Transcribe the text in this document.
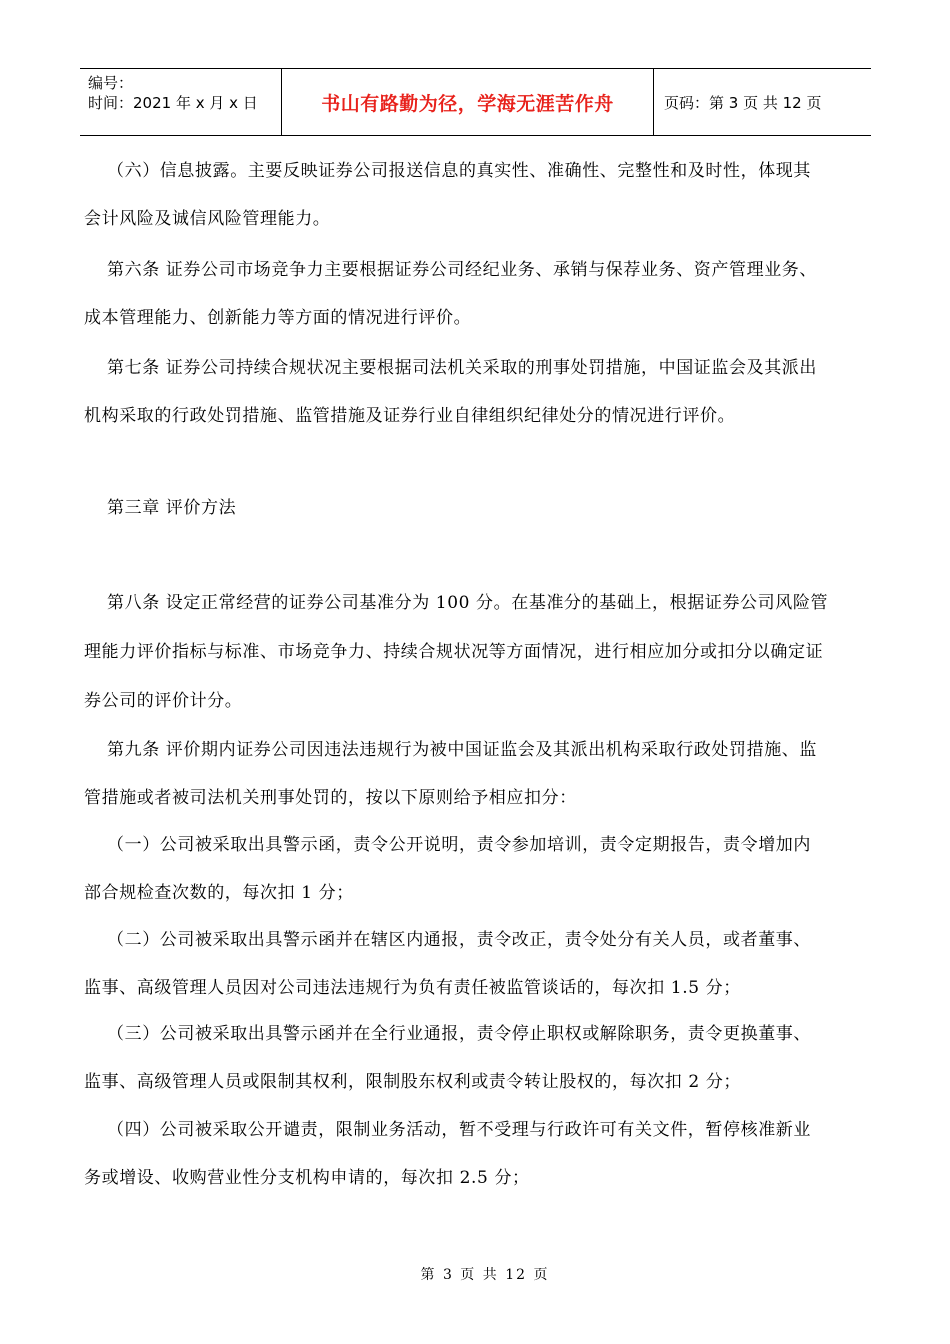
编号：
时间：2021 年 x 月 x 日	书山有路勤为径，学海无涯苦作舟	页码：第 3 页 共 12 页
（六）信息披露。主要反映证券公司报送信息的真实性、准确性、完整性和及时性，体现其
会计风险及诚信风险管理能力。
第六条 证券公司市场竞争力主要根据证券公司经纪业务、承销与保荐业务、资产管理业务、
成本管理能力、创新能力等方面的情况进行评价。
第七条 证券公司持续合规状况主要根据司法机关采取的刑事处罚措施，中国证监会及其派出
机构采取的行政处罚措施、监管措施及证券行业自律组织纪律处分的情况进行评价。
第三章 评价方法
第八条 设定正常经营的证券公司基准分为 100 分。在基准分的基础上，根据证券公司风险管
理能力评价指标与标准、市场竞争力、持续合规状况等方面情况，进行相应加分或扣分以确定证
券公司的评价计分。
第九条 评价期内证券公司因违法违规行为被中国证监会及其派出机构采取行政处罚措施、监
管措施或者被司法机关刑事处罚的，按以下原则给予相应扣分：
（一）公司被采取出具警示函，责令公开说明，责令参加培训，责令定期报告，责令增加内
部合规检查次数的，每次扣 1 分；
（二）公司被采取出具警示函并在辖区内通报，责令改正，责令处分有关人员，或者董事、
监事、高级管理人员因对公司违法违规行为负有责任被监管谈话的，每次扣 1.5 分；
（三）公司被采取出具警示函并在全行业通报，责令停止职权或解除职务，责令更换董事、
监事、高级管理人员或限制其权利，限制股东权利或责令转让股权的，每次扣 2 分；
（四）公司被采取公开谴责，限制业务活动，暂不受理与行政许可有关文件，暂停核准新业
务或增设、收购营业性分支机构申请的，每次扣 2.5 分；
第 3 页 共 12 页
